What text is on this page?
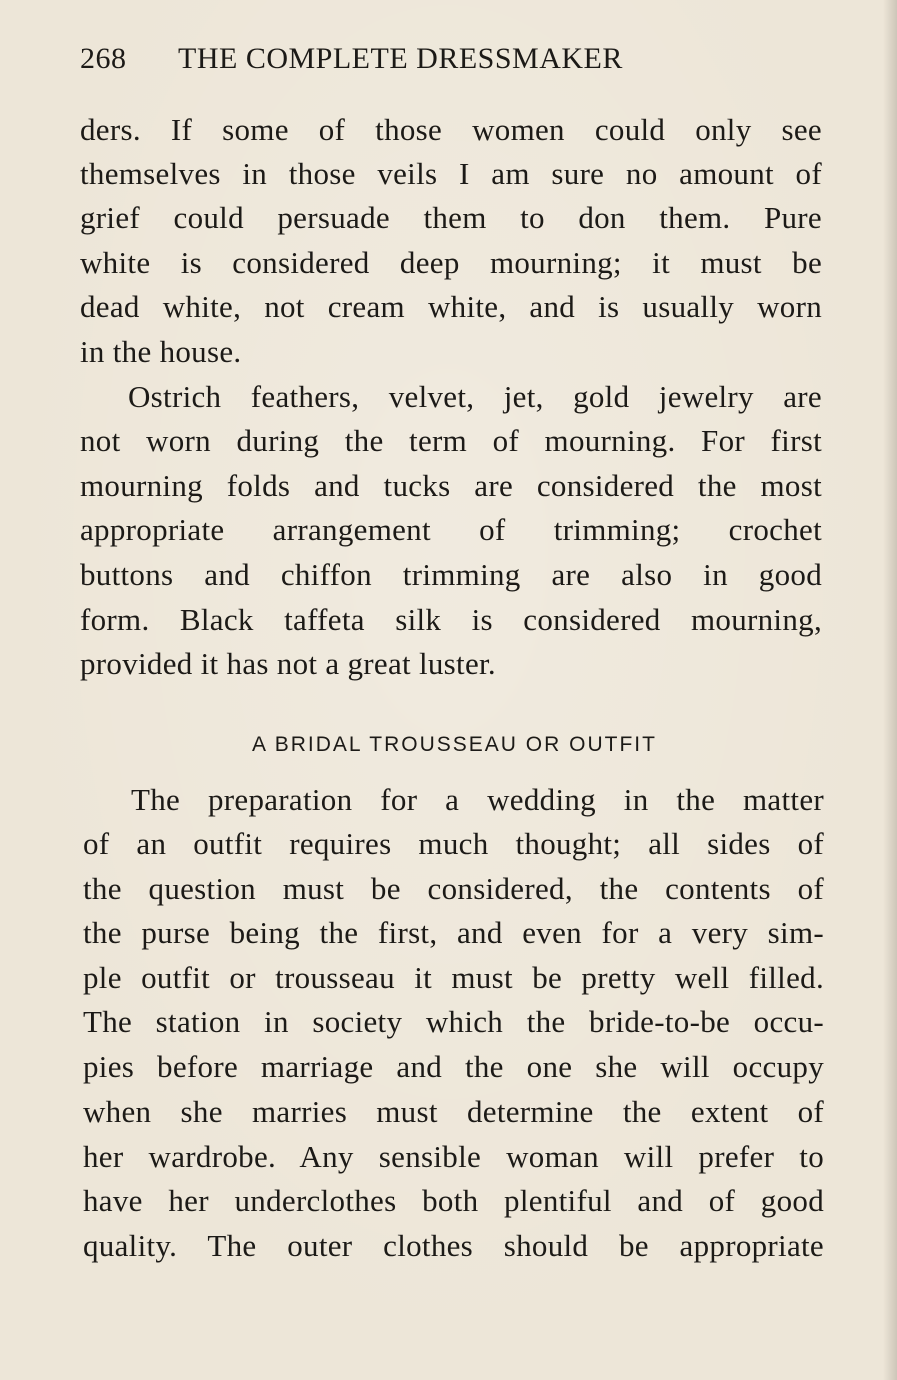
268 THE COMPLETE DRESSMAKER
ders. If some of those women could only see
themselves in those veils I am sure no amount of
grief could persuade them to don them. Pure
white is considered deep mourning; it must be
dead white, not cream white, and is usually worn
in the house.
Ostrich feathers, velvet, jet, gold jewelry are
not worn during the term of mourning. For first
mourning folds and tucks are considered the most
appropriate arrangement of trimming; crochet
buttons and chiffon trimming are also in good
form. Black taffeta silk is considered mourning,
provided it has not a great luster.
A BRIDAL TROUSSEAU OR OUTFIT
The preparation for a wedding in the matter
of an outfit requires much thought; all sides of
the question must be considered, the contents of
the purse being the first, and even for a very sim-
ple outfit or trousseau it must be pretty well filled.
The station in society which the bride-to-be occu-
pies before marriage and the one she will occupy
when she marries must determine the extent of
her wardrobe. Any sensible woman will prefer to
have her underclothes both plentiful and of good
quality. The outer clothes should be appropriate
